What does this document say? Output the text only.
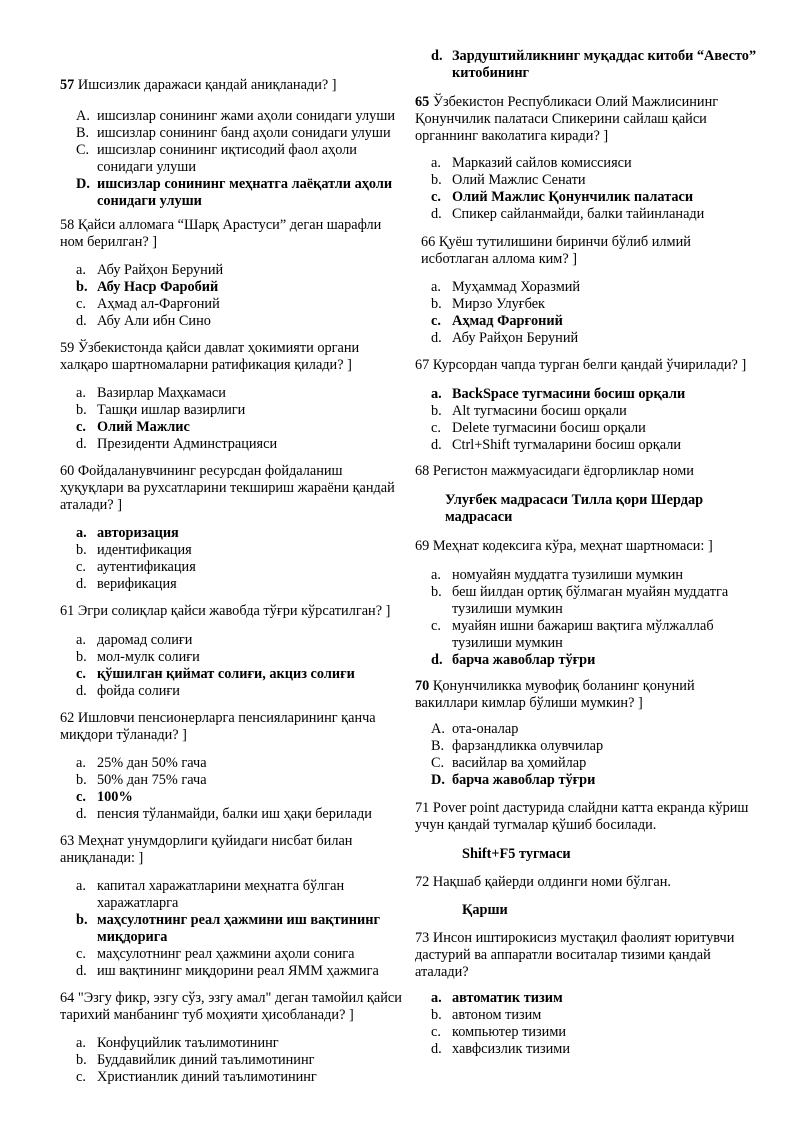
57 Ишсизлик даражаси қандай аниқланади? ]

A. ишсизлар сонининг жами аҳоли сонидаги улуши
B. ишсизлар сонининг банд аҳоли сонидаги улуши
C. ишсизлар сонининг иқтисодий фаол аҳоли сонидаги улуши
D. ишсизлар сонининг меҳнатга лаёқатли аҳоли сонидаги улуши

58 Қайси алломага “Шарқ Арастуси” деган шарафли ном берилган? ]

a. Абу Райҳон Беруний
b. Абу Наср Фаробий
c. Аҳмад ал-Фарғоний
d. Абу Али ибн Сино

59 Ўзбекистонда қайси давлат ҳокимияти органи халқаро шартномаларни ратификация қилади? ]

a. Вазирлар Маҳкамаси
b. Ташқи ишлар вазирлиги
c. Олий Мажлис
d. Президенти Админстрацияси

60 Фойдаланувчининг ресурсдан фойдаланиш ҳуқуқлари ва рухсатларини текшириш жараёни қандай аталади? ]

a. авторизация
b. идентификация
c. аутентификация
d. верификация

61 Эгри солиқлар қайси жавобда тўғри кўрсатилган? ]

a. даромад солиғи
b. мол-мулк солиғи
c. қўшилган қиймат солиғи, акциз солиғи
d. фойда солиғи

62 Ишловчи пенсионерларга пенсияларининг қанча миқдори тўланади? ]

a. 25% дан 50% гача
b. 50% дан 75% гача
c. 100%
d. пенсия тўланмайди, балки иш ҳақи берилади

63 Меҳнат унумдорлиги қуйидаги нисбат билан аниқланади: ]

a. капитал харажатларини меҳнатга бўлган харажатларга
b. маҳсулотнинг реал ҳажмини иш вақтининг миқдорига
c. маҳсулотнинг реал ҳажмини аҳоли сонига
d. иш вақтининг миқдорини реал ЯММ ҳажмига

64 "Эзгу фикр, эзгу сўз, эзгу амал" деган тамойил қайси тарихий манбанинг туб моҳияти ҳисобланади? ]

a. Конфуцийлик таълимотининг
b. Буддавийлик диний таълимотининг
c. Христианлик диний таълимотининг
d. Зардуштийликнинг муқаддас китоби “Авесто” китобининг

65 Ўзбекистон Республикаси Олий Мажлисининг Қонунчилик палатаси Спикерини сайлаш қайси органнинг ваколатига киради? ]

a. Марказий сайлов комиссияси
b. Олий Мажлис Сенати
c. Олий Мажлис Қонунчилик палатаси
d. Спикер сайланмайди, балки тайинланади

66 Қуёш тутилишини биринчи бўлиб илмий исботлаган аллома ким? ]

a. Муҳаммад Хоразмий
b. Мирзо Улуғбек
c. Аҳмад Фарғоний
d. Абу Райҳон Беруний

67 Курсордан чапда турган белги қандай ўчирилади? ]

a. BackSpace тугмасини босиш орқали
b. Alt тугмасини босиш орқали
c. Delete тугмасини босиш орқали
d. Ctrl+Shift тугмаларини босиш орқали

68 Регистон мажмуасидаги ёдгорликлар номи

Улуғбек мадрасаси Тилла қори Шердар мадрасаси

69 Меҳнат кодексига кўра, меҳнат шартномаси: ]

a. номуайян муддатга тузилиши мумкин
b. беш йилдан ортиқ бўлмаган муайян муддатга тузилиши мумкин
c. муайян ишни бажариш вақтига мўлжаллаб тузилиши мумкин
d. барча жавоблар тўғри

70 Қонунчиликка мувофиқ боланинг қонуний вакиллари кимлар бўлиши мумкин? ]

A. ота-оналар
B. фарзандликка олувчилар
C. васийлар ва ҳомийлар
D. барча жавоблар тўғри

71 Pover point дастурида слайдни катта екранда кўриш учун қандай тугмалар қўшиб босилади.

Shift+F5 тугмаси

72 Нақшаб қайерди олдинги номи бўлган.

Қарши

73 Инсон иштирокисиз мустақил фаолият юритувчи дастурий ва аппаратли воситалар тизими қандай аталади?

a. автоматик тизим
b. автоном тизим
c. компьютер тизими
d. хавфсизлик тизими
